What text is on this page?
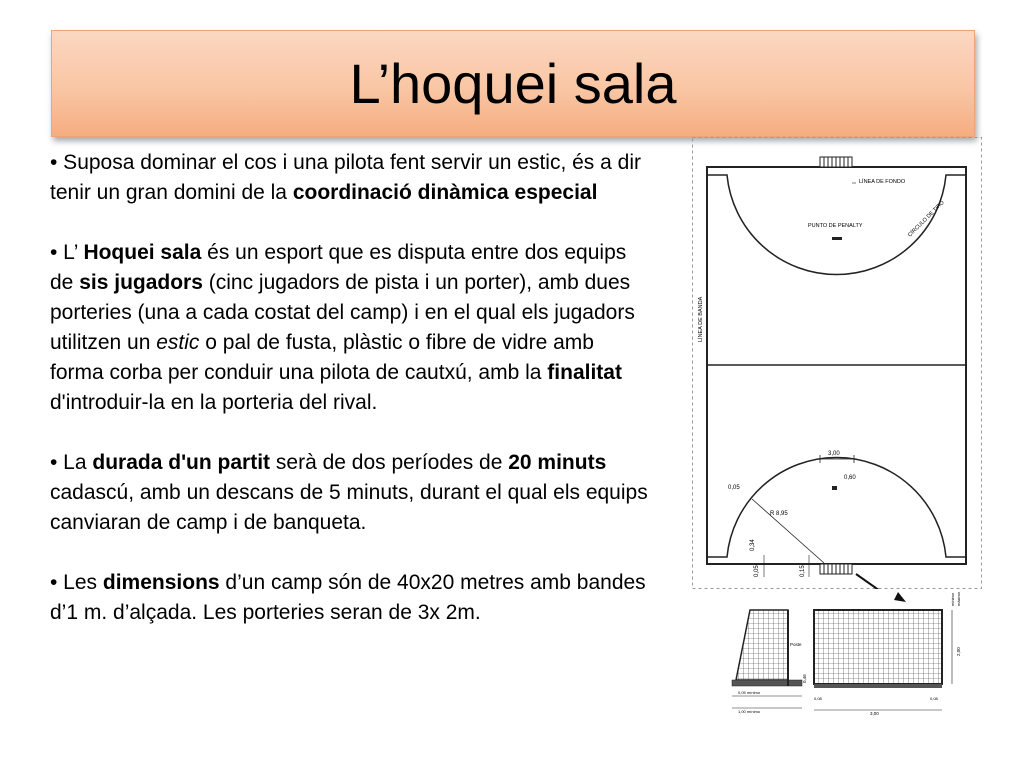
L’hoquei sala

• Suposa dominar el cos i una pilota fent servir un estic, és a dir tenir un gran domini de la coordinació dinàmica especial

• L’ Hoquei sala és un esport que es disputa entre dos equips de sis jugadors (cinc jugadors de pista i un porter), amb dues porteries (una a cada costat del camp) i en el qual els jugadors utilitzen un estic o pal de fusta, plàstic o fibre de vidre amb forma corba per conduir una pilota de cautxú, amb la finalitat d'introduir-la en la porteria del rival.

• La durada d'un partit serà de dos períodes de 20 minuts cadascú, amb un descans de 5 minuts, durant el qual els equips canviaran de camp i de banqueta.

• Les dimensions d’un camp són de 40x20 metres amb bandes d’1 m. d’alçada. Les porteries seran de 3x 2m.

LÍNEA DE FONDO
PUNTO DE PENALTY	CÍRCULO DE TIRO
LÍNEA DE BANDA
3,00
0,60
0,05
R 8,95
0,34
0,05	0,15
Poste
0,46
2,00
máximo
mínimo
0,05 mínimo
1,00 mínimo
0,08	0,08
3,00
